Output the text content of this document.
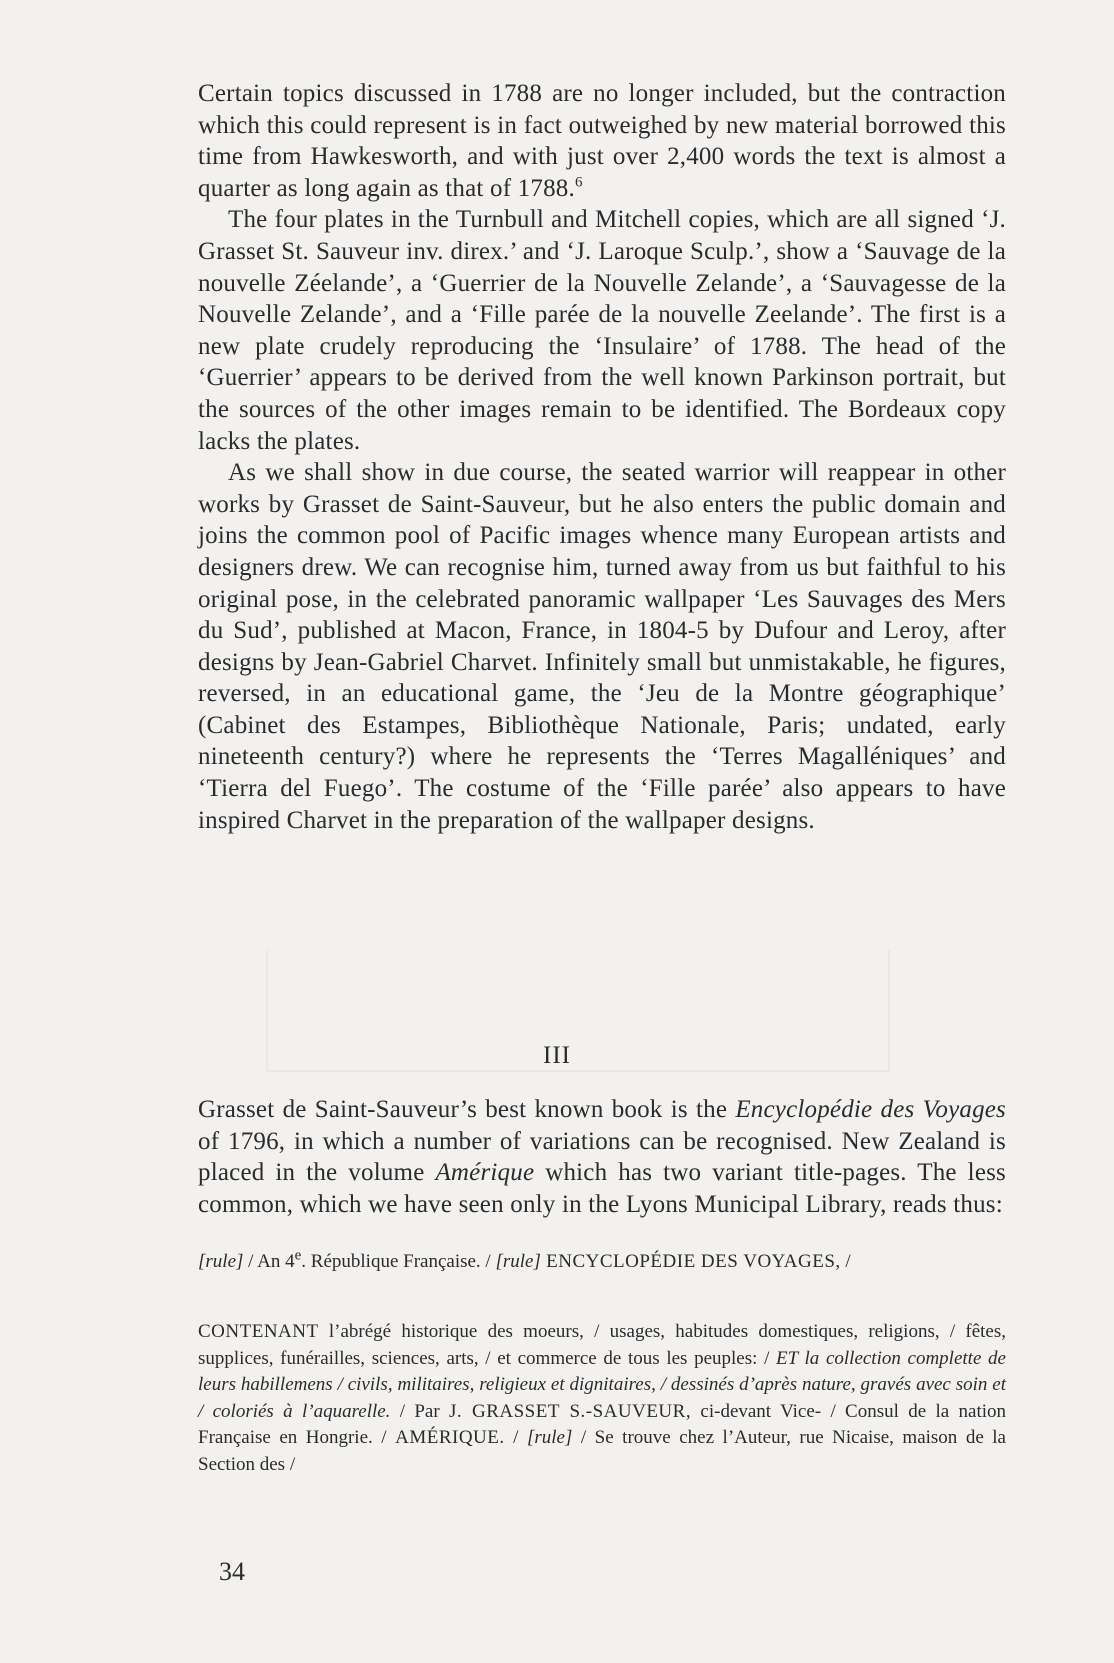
Certain topics discussed in 1788 are no longer included, but the contraction which this could represent is in fact outweighed by new material borrowed this time from Hawkesworth, and with just over 2,400 words the text is almost a quarter as long again as that of 1788.$^6$

The four plates in the Turnbull and Mitchell copies, which are all signed ‘J. Grasset St. Sauveur inv. direx.’ and ‘J. Laroque Sculp.’, show a ‘Sauvage de la nouvelle Zéelande’, a ‘Guerrier de la Nouvelle Zelande’, a ‘Sauvagesse de la Nouvelle Zelande’, and a ‘Fille parée de la nouvelle Zeelande’. The first is a new plate crudely reproducing the ‘Insulaire’ of 1788. The head of the ‘Guerrier’ appears to be derived from the well known Parkinson portrait, but the sources of the other images remain to be identified. The Bordeaux copy lacks the plates.

As we shall show in due course, the seated warrior will reappear in other works by Grasset de Saint-Sauveur, but he also enters the public domain and joins the common pool of Pacific images whence many European artists and designers drew. We can recognise him, turned away from us but faithful to his original pose, in the celebrated panoramic wallpaper ‘Les Sauvages des Mers du Sud’, published at Macon, France, in 1804-5 by Dufour and Leroy, after designs by Jean-Gabriel Charvet. Infinitely small but unmistakable, he figures, reversed, in an educational game, the ‘Jeu de la Montre géographique’ (Cabinet des Estampes, Bibliothèque Nationale, Paris; undated, early nineteenth century?) where he represents the ‘Terres Magalléniques’ and ‘Tierra del Fuego’. The costume of the ‘Fille parée’ also appears to have inspired Charvet in the preparation of the wallpaper designs.

III

Grasset de Saint-Sauveur’s best known book is the Encyclopédie des Voyages of 1796, in which a number of variations can be recognised. New Zealand is placed in the volume Amérique which has two variant title-pages. The less common, which we have seen only in the Lyons Municipal Library, reads thus:

[rule] / An 4e. République Française. / [rule] ENCYCLOPÉDIE DES VOYAGES, /

CONTENANT l’abrégé historique des moeurs, / usages, habitudes domestiques, religions, / fêtes, supplices, funérailles, sciences, arts, / et commerce de tous les peuples: / ET la collection complette de leurs habillemens / civils, militaires, religieux et dignitaires, / dessinés d’après nature, gravés avec soin et / coloriés à l’aquarelle. / Par J. GRASSET S.-SAUVEUR, ci-devant Vice- / Consul de la nation Française en Hongrie. / AMÉRIQUE. / [rule] / Se trouve chez l’Auteur, rue Nicaise, maison de la Section des /

34
